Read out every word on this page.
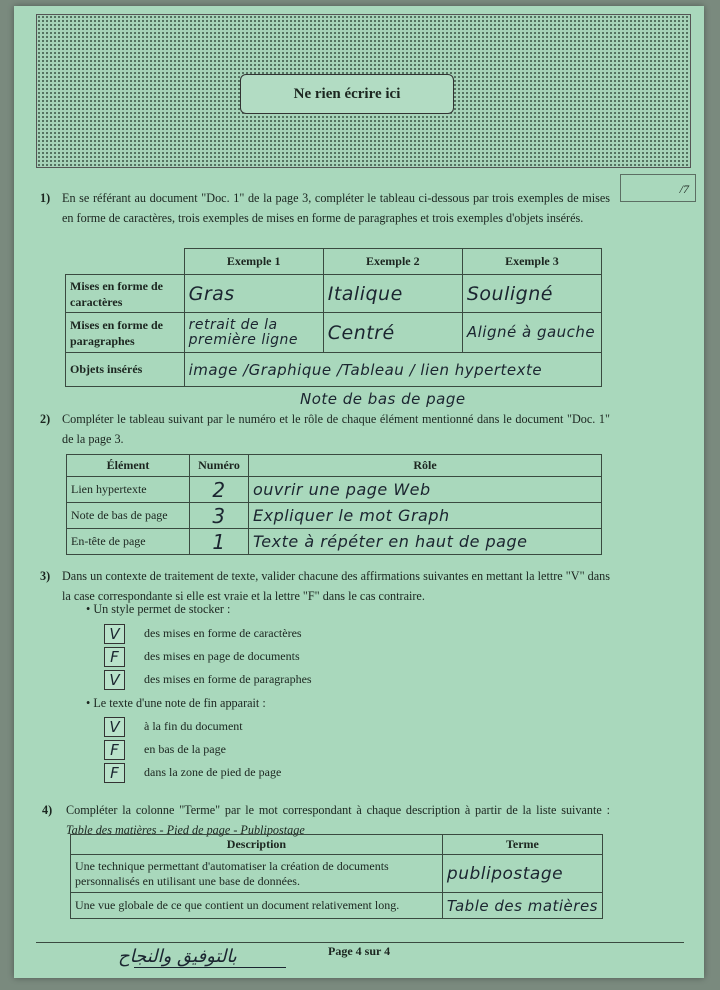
Ne rien écrire ici
/7
1) En se référant au document "Doc. 1" de la page 3, compléter le tableau ci-dessous par trois exemples de mises en forme de caractères, trois exemples de mises en forme de paragraphes et trois exemples d'objets insérés.
	Exemple 1	Exemple 2	Exemple 3
Mises en forme de caractères	Gras	Italique	Souligné
Mises en forme de paragraphes	retrait de la première ligne	Centré	Aligné à gauche

Objets insérés	image /Graphique /Tableau / lien hypertexte		
Note de bas de page
2) Compléter le tableau suivant par le numéro et le rôle de chaque élément mentionné dans le document "Doc. 1" de la page 3.
Élément	Numéro	Rôle
Lien hypertexte	2	ouvrir une page Web
Note de bas de page	3	Expliquer le mot Graph
En-tête de page	1	Texte à répéter en haut de page
3) Dans un contexte de traitement de texte, valider chacune des affirmations suivantes en mettant la lettre "V" dans la case correspondante si elle est vraie et la lettre "F" dans le cas contraire.
• Un style permet de stocker :
V	des mises en forme de caractères
F	des mises en page de documents
V	des mises en forme de paragraphes
• Le texte d'une note de fin apparait :
V	à la fin du document
F	en bas de la page
F	dans la zone de pied de page
4) Compléter la colonne "Terme" par le mot correspondant à chaque description à partir de la liste suivante : Table des matières - Pied de page - Publipostage
Description	Terme
Une technique permettant d'automatiser la création de documents personnalisés en utilisant une base de données.	publipostage
Une vue globale de ce que contient un document relativement long.	Table des matières
بالتوفيق والنجاح	Page 4 sur 4
